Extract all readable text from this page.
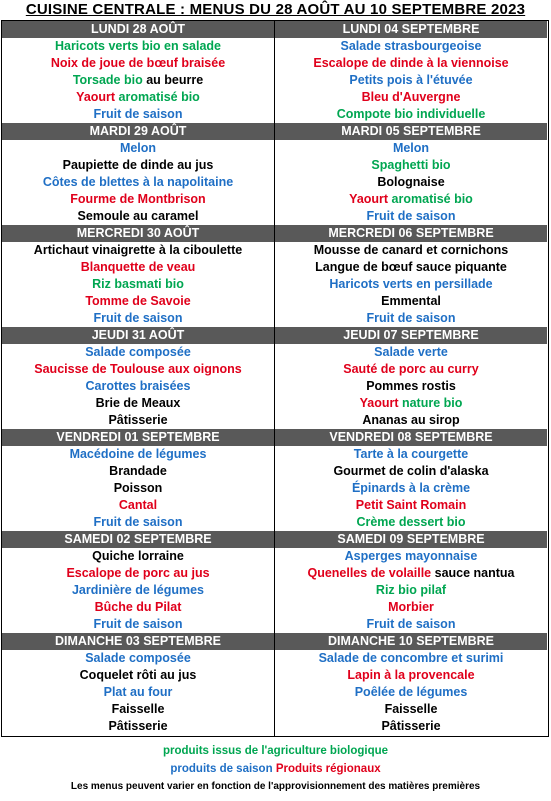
CUISINE CENTRALE : MENUS DU 28 AOÛT AU 10 SEPTEMBRE 2023
LUNDI 28 AOÛT
Haricots verts bio en salade
Noix de joue de bœuf braisée
Torsade bio au beurre
Yaourt aromatisé bio
Fruit de saison
MARDI 29 AOÛT
Melon
Paupiette de dinde au jus
Côtes de blettes à la napolitaine
Fourme de Montbrison
Semoule au caramel
MERCREDI 30 AOÛT
Artichaut vinaigrette à la ciboulette
Blanquette de veau
Riz basmati bio
Tomme de Savoie
Fruit de saison
JEUDI 31 AOÛT
Salade composée
Saucisse de Toulouse aux oignons
Carottes braisées
Brie de Meaux
Pâtisserie
VENDREDI 01 SEPTEMBRE
Macédoine de légumes
Brandade
Poisson
Cantal
Fruit de saison
SAMEDI 02 SEPTEMBRE
Quiche lorraine
Escalope de porc au jus
Jardinière de légumes
Bûche du Pilat
Fruit de saison
DIMANCHE 03 SEPTEMBRE
Salade composée
Coquelet rôti au jus
Plat au four
Faisselle
Pâtisserie
LUNDI 04 SEPTEMBRE
Salade strasbourgeoise
Escalope de dinde à la viennoise
Petits pois à l'étuvée
Bleu d'Auvergne
Compote bio individuelle
MARDI 05 SEPTEMBRE
Melon
Spaghetti bio
Bolognaise
Yaourt aromatisé bio
Fruit de saison
MERCREDI 06 SEPTEMBRE
Mousse de canard et cornichons
Langue de bœuf sauce piquante
Haricots verts en persillade
Emmental
Fruit de saison
JEUDI 07 SEPTEMBRE
Salade verte
Sauté de porc au curry
Pommes rostis
Yaourt nature bio
Ananas au sirop
VENDREDI 08 SEPTEMBRE
Tarte à la courgette
Gourmet de colin d'alaska
Épinards à la crème
Petit Saint Romain
Crème dessert bio
SAMEDI 09 SEPTEMBRE
Asperges mayonnaise
Quenelles de volaille sauce nantua
Riz bio pilaf
Morbier
Fruit de saison
DIMANCHE 10 SEPTEMBRE
Salade de concombre et surimi
Lapin à la provencale
Poêlée de légumes
Faisselle
Pâtisserie
produits issus de l'agriculture biologique
produits de saison Produits régionaux
Les menus peuvent varier en fonction de l'approvisionnement des matières premières
